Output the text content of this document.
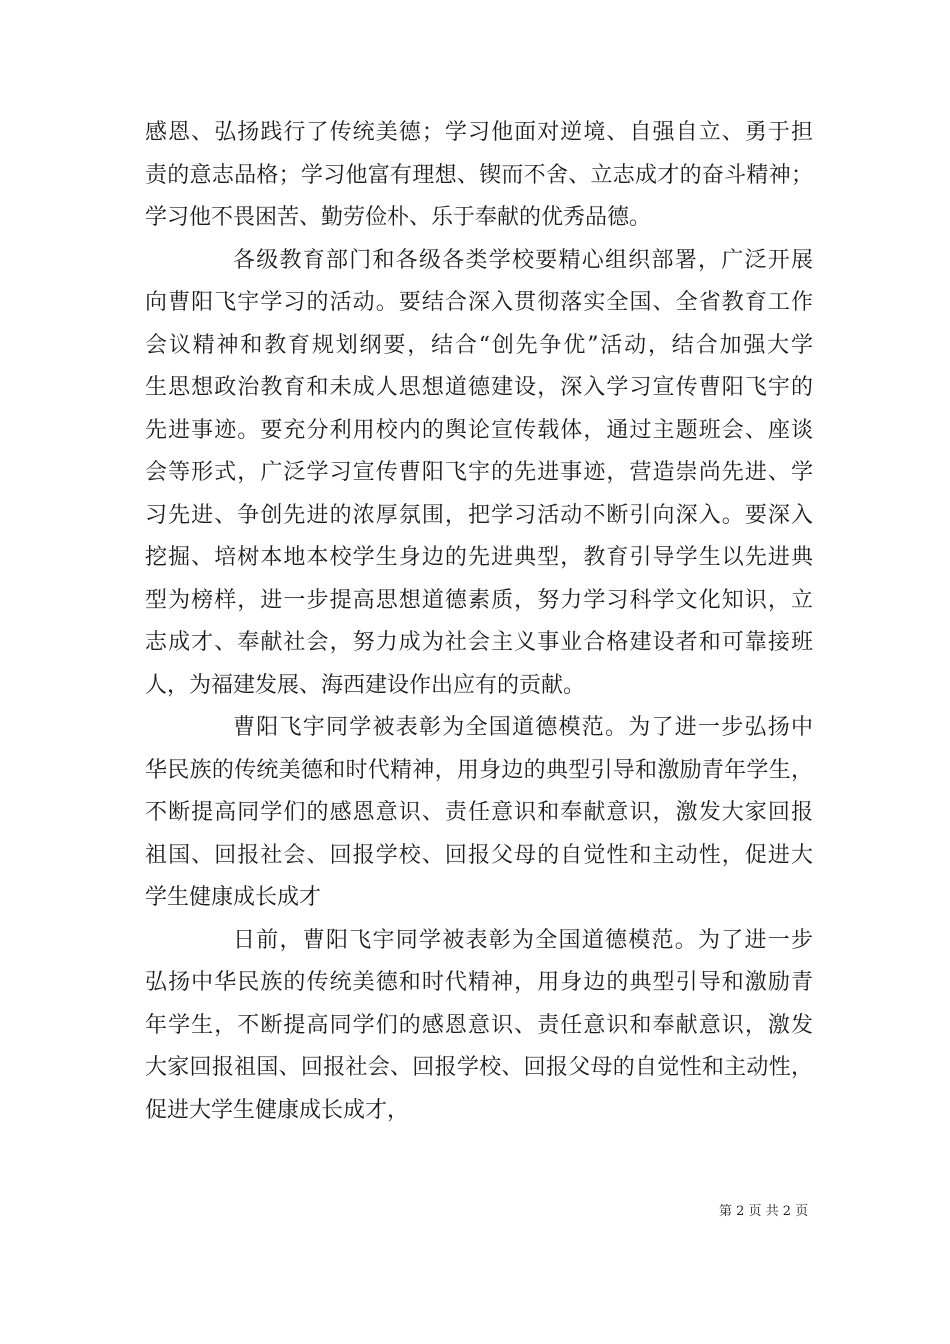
感恩、弘扬践行了传统美德；学习他面对逆境、自强自立、勇于担
责的意志品格；学习他富有理想、锲而不舍、立志成才的奋斗精神；
学习他不畏困苦、勤劳俭朴、乐于奉献的优秀品德。
各级教育部门和各级各类学校要精心组织部署，广泛开展
向曹阳飞宇学习的活动。要结合深入贯彻落实全国、全省教育工作
会议精神和教育规划纲要，结合“创先争优”活动，结合加强大学
生思想政治教育和未成人思想道德建设，深入学习宣传曹阳飞宇的
先进事迹。要充分利用校内的舆论宣传载体，通过主题班会、座谈
会等形式，广泛学习宣传曹阳飞宇的先进事迹，营造崇尚先进、学
习先进、争创先进的浓厚氛围，把学习活动不断引向深入。要深入
挖掘、培树本地本校学生身边的先进典型，教育引导学生以先进典
型为榜样，进一步提高思想道德素质，努力学习科学文化知识，立
志成才、奉献社会，努力成为社会主义事业合格建设者和可靠接班
人，为福建发展、海西建设作出应有的贡献。
曹阳飞宇同学被表彰为全国道德模范。为了进一步弘扬中
华民族的传统美德和时代精神，用身边的典型引导和激励青年学生，
不断提高同学们的感恩意识、责任意识和奉献意识，激发大家回报
祖国、回报社会、回报学校、回报父母的自觉性和主动性，促进大
学生健康成长成才
日前，曹阳飞宇同学被表彰为全国道德模范。为了进一步
弘扬中华民族的传统美德和时代精神，用身边的典型引导和激励青
年学生，不断提高同学们的感恩意识、责任意识和奉献意识，激发
大家回报祖国、回报社会、回报学校、回报父母的自觉性和主动性，
促进大学生健康成长成才，
第 2 页 共 2 页
